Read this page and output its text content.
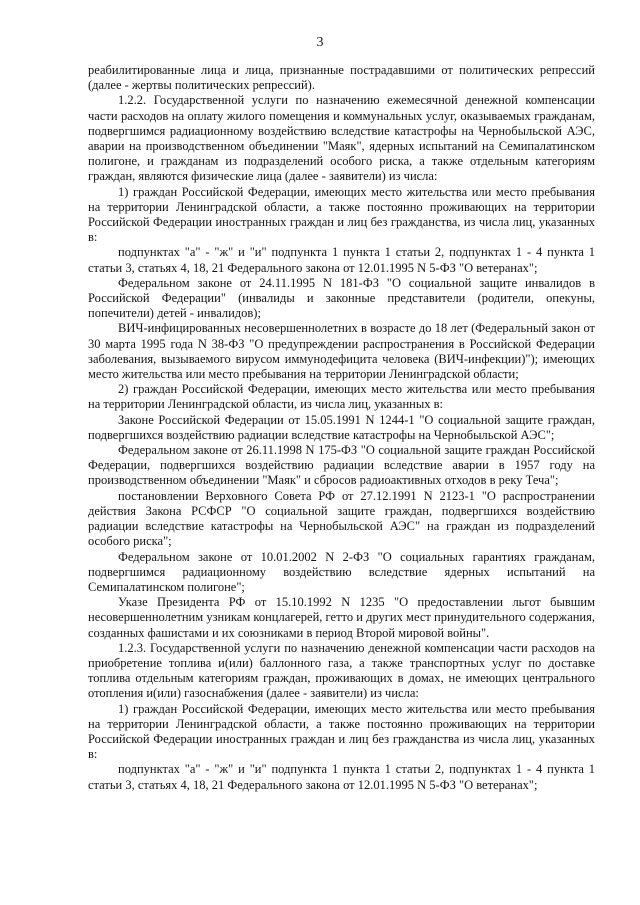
3

реабилитированные лица и лица, признанные пострадавшими от политических репрессий (далее - жертвы политических репрессий).

1.2.2. Государственной услуги по назначению ежемесячной денежной компенсации части расходов на оплату жилого помещения и коммунальных услуг, оказываемых гражданам, подвергшимся радиационному воздействию вследствие катастрофы на Чернобыльской АЭС, аварии на производственном объединении "Маяк", ядерных испытаний на Семипалатинском полигоне, и гражданам из подразделений особого риска, а также отдельным категориям граждан, являются физические лица (далее - заявители) из числа:

1) граждан Российской Федерации, имеющих место жительства или место пребывания на территории Ленинградской области, а также постоянно проживающих на территории Российской Федерации иностранных граждан и лиц без гражданства, из числа лиц, указанных в:

подпунктах "а" - "ж" и "и" подпункта 1 пункта 1 статьи 2, подпунктах 1 - 4 пункта 1 статьи 3, статьях 4, 18, 21 Федерального закона от 12.01.1995 N 5-ФЗ "О ветеранах";

Федеральном законе от 24.11.1995 N 181-ФЗ "О социальной защите инвалидов в Российской Федерации" (инвалиды и законные представители (родители, опекуны, попечители) детей - инвалидов);

ВИЧ-инфицированных несовершеннолетних в возрасте до 18 лет (Федеральный закон от 30 марта 1995 года N 38-ФЗ "О предупреждении распространения в Российской Федерации заболевания, вызываемого вирусом иммунодефицита человека (ВИЧ-инфекции)"); имеющих место жительства или место пребывания на территории Ленинградской области;

2) граждан Российской Федерации, имеющих место жительства или место пребывания на территории Ленинградской области, из числа лиц, указанных в:

Законе Российской Федерации от 15.05.1991 N 1244-1 "О социальной защите граждан, подвергшихся воздействию радиации вследствие катастрофы на Чернобыльской АЭС";

Федеральном законе от 26.11.1998 N 175-ФЗ "О социальной защите граждан Российской Федерации, подвергшихся воздействию радиации вследствие аварии в 1957 году на производственном объединении "Маяк" и сбросов радиоактивных отходов в реку Теча";

постановлении Верховного Совета РФ от 27.12.1991 N 2123-1 "О распространении действия Закона РСФСР "О социальной защите граждан, подвергшихся воздействию радиации вследствие катастрофы на Чернобыльской АЭС" на граждан из подразделений особого риска";

Федеральном законе от 10.01.2002 N 2-ФЗ "О социальных гарантиях гражданам, подвергшимся радиационному воздействию вследствие ядерных испытаний на Семипалатинском полигоне";

Указе Президента РФ от 15.10.1992 N 1235 "О предоставлении льгот бывшим несовершеннолетним узникам концлагерей, гетто и других мест принудительного содержания, созданных фашистами и их союзниками в период Второй мировой войны".

1.2.3. Государственной услуги по назначению денежной компенсации части расходов на приобретение топлива и(или) баллонного газа, а также транспортных услуг по доставке топлива отдельным категориям граждан, проживающих в домах, не имеющих центрального отопления и(или) газоснабжения (далее - заявители) из числа:

1) граждан Российской Федерации, имеющих место жительства или место пребывания на территории Ленинградской области, а также постоянно проживающих на территории Российской Федерации иностранных граждан и лиц без гражданства из числа лиц, указанных в:

подпунктах "а" - "ж" и "и" подпункта 1 пункта 1 статьи 2, подпунктах 1 - 4 пункта 1 статьи 3, статьях 4, 18, 21 Федерального закона от 12.01.1995 N 5-ФЗ "О ветеранах";
